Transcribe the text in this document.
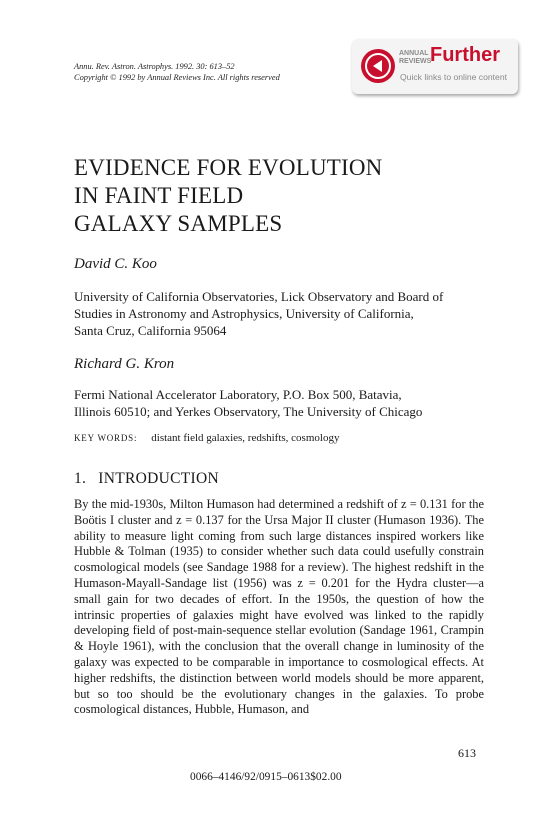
Annu. Rev. Astron. Astrophys. 1992. 30: 613–52
Copyright © 1992 by Annual Reviews Inc. All rights reserved
ANNUAL
REVIEWS
Further
Quick links to online content
EVIDENCE FOR EVOLUTION
IN FAINT FIELD
GALAXY SAMPLES
David C. Koo
University of California Observatories, Lick Observatory and Board of
Studies in Astronomy and Astrophysics, University of California,
Santa Cruz, California 95064
Richard G. Kron
Fermi National Accelerator Laboratory, P.O. Box 500, Batavia,
Illinois 60510; and Yerkes Observatory, The University of Chicago
KEY WORDS: distant field galaxies, redshifts, cosmology
1. INTRODUCTION
By the mid-1930s, Milton Humason had determined a redshift of z = 0.131 for the Boötis I cluster and z = 0.137 for the Ursa Major II cluster (Humason 1936). The ability to measure light coming from such large distances inspired workers like Hubble & Tolman (1935) to consider whether such data could usefully constrain cosmological models (see Sandage 1988 for a review). The highest redshift in the Humason-Mayall-Sandage list (1956) was z = 0.201 for the Hydra cluster—a small gain for two decades of effort. In the 1950s, the question of how the intrinsic properties of galaxies might have evolved was linked to the rapidly developing field of post-main-sequence stellar evolution (Sandage 1961, Crampin & Hoyle 1961), with the conclusion that the overall change in luminosity of the galaxy was expected to be comparable in importance to cosmological effects. At higher redshifts, the distinction between world models should be more apparent, but so too should be the evolutionary changes in the galaxies. To probe cosmological distances, Hubble, Humason, and
613
0066–4146/92/0915–0613$02.00
